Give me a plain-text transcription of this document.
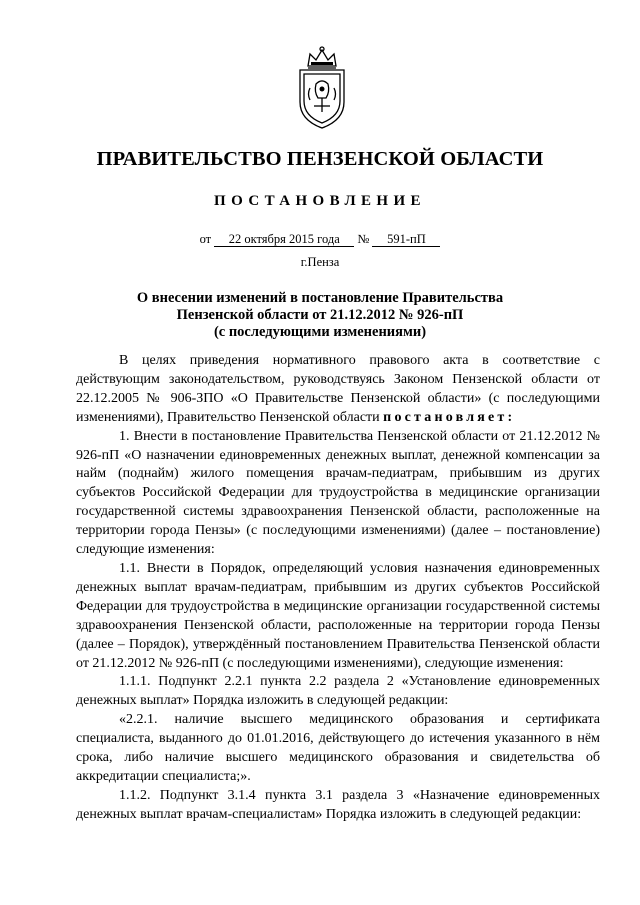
ПРАВИТЕЛЬСТВО ПЕНЗЕНСКОЙ ОБЛАСТИ
ПОСТАНОВЛЕНИЕ
от 22 октября 2015 года № 591-пП
г.Пенза
О внесении изменений в постановление Правительства
Пензенской области от 21.12.2012 № 926-пП
(с последующими изменениями)

В целях приведения нормативного правового акта в соответствие с действующим законодательством, руководствуясь Законом Пензенской области от 22.12.2005 № 906-ЗПО «О Правительстве Пензенской области» (с последующими изменениями), Правительство Пензенской области постановляет:

1. Внести в постановление Правительства Пензенской области от 21.12.2012 № 926-пП «О назначении единовременных денежных выплат, денежной компенсации за найм (поднайм) жилого помещения врачам-педиатрам, прибывшим из других субъектов Российской Федерации для трудоустройства в медицинские организации государственной системы здравоохранения Пензенской области, расположенные на территории города Пензы» (с последующими изменениями) (далее – постановление) следующие изменения:

1.1. Внести в Порядок, определяющий условия назначения единовременных денежных выплат врачам-педиатрам, прибывшим из других субъектов Российской Федерации для трудоустройства в медицинские организации государственной системы здравоохранения Пензенской области, расположенные на территории города Пензы (далее – Порядок), утверждённый постановлением Правительства Пензенской области от 21.12.2012 № 926-пП (с последующими изменениями), следующие изменения:

1.1.1. Подпункт 2.2.1 пункта 2.2 раздела 2 «Установление единовременных денежных выплат» Порядка изложить в следующей редакции:

«2.2.1. наличие высшего медицинского образования и сертификата специалиста, выданного до 01.01.2016, действующего до истечения указанного в нём срока, либо наличие высшего медицинского образования и свидетельства об аккредитации специалиста;».

1.1.2. Подпункт 3.1.4 пункта 3.1 раздела 3 «Назначение единовременных денежных выплат врачам-специалистам» Порядка изложить в следующей редакции:
